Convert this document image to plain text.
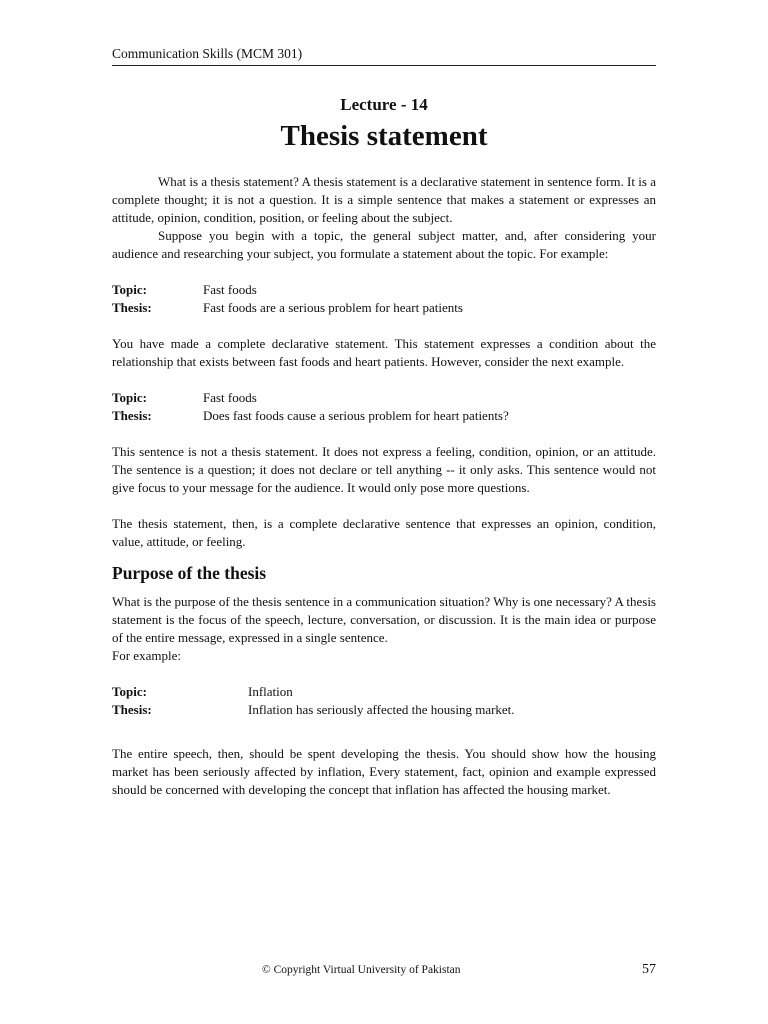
Communication Skills (MCM 301)
Lecture - 14
Thesis statement

What is a thesis statement? A thesis statement is a declarative statement in sentence form. It is a complete thought; it is not a question. It is a simple sentence that makes a statement or expresses an attitude, opinion, condition, position, or feeling about the subject.

Suppose you begin with a topic, the general subject matter, and, after considering your audience and researching your subject, you formulate a statement about the topic. For example:

Topic:	Fast foods
Thesis:	Fast foods are a serious problem for heart patients

You have made a complete declarative statement. This statement expresses a condition about the relationship that exists between fast foods and heart patients. However, consider the next example.

Topic:	Fast foods
Thesis:	Does fast foods cause a serious problem for heart patients?

This sentence is not a thesis statement. It does not express a feeling, condition, opinion, or an attitude. The sentence is a question; it does not declare or tell anything -- it only asks. This sentence would not give focus to your message for the audience. It would only pose more questions.

The thesis statement, then, is a complete declarative sentence that expresses an opinion, condition, value, attitude, or feeling.

Purpose of the thesis

What is the purpose of the thesis sentence in a communication situation? Why is one necessary? A thesis statement is the focus of the speech, lecture, conversation, or discussion. It is the main idea or purpose of the entire message, expressed in a single sentence.

For example:

Topic:	Inflation
Thesis:	Inflation has seriously affected the housing market.

The entire speech, then, should be spent developing the thesis. You should show how the housing market has been seriously affected by inflation, Every statement, fact, opinion and example expressed should be concerned with developing the concept that inflation has affected the housing market.

© Copyright Virtual University of Pakistan	57
